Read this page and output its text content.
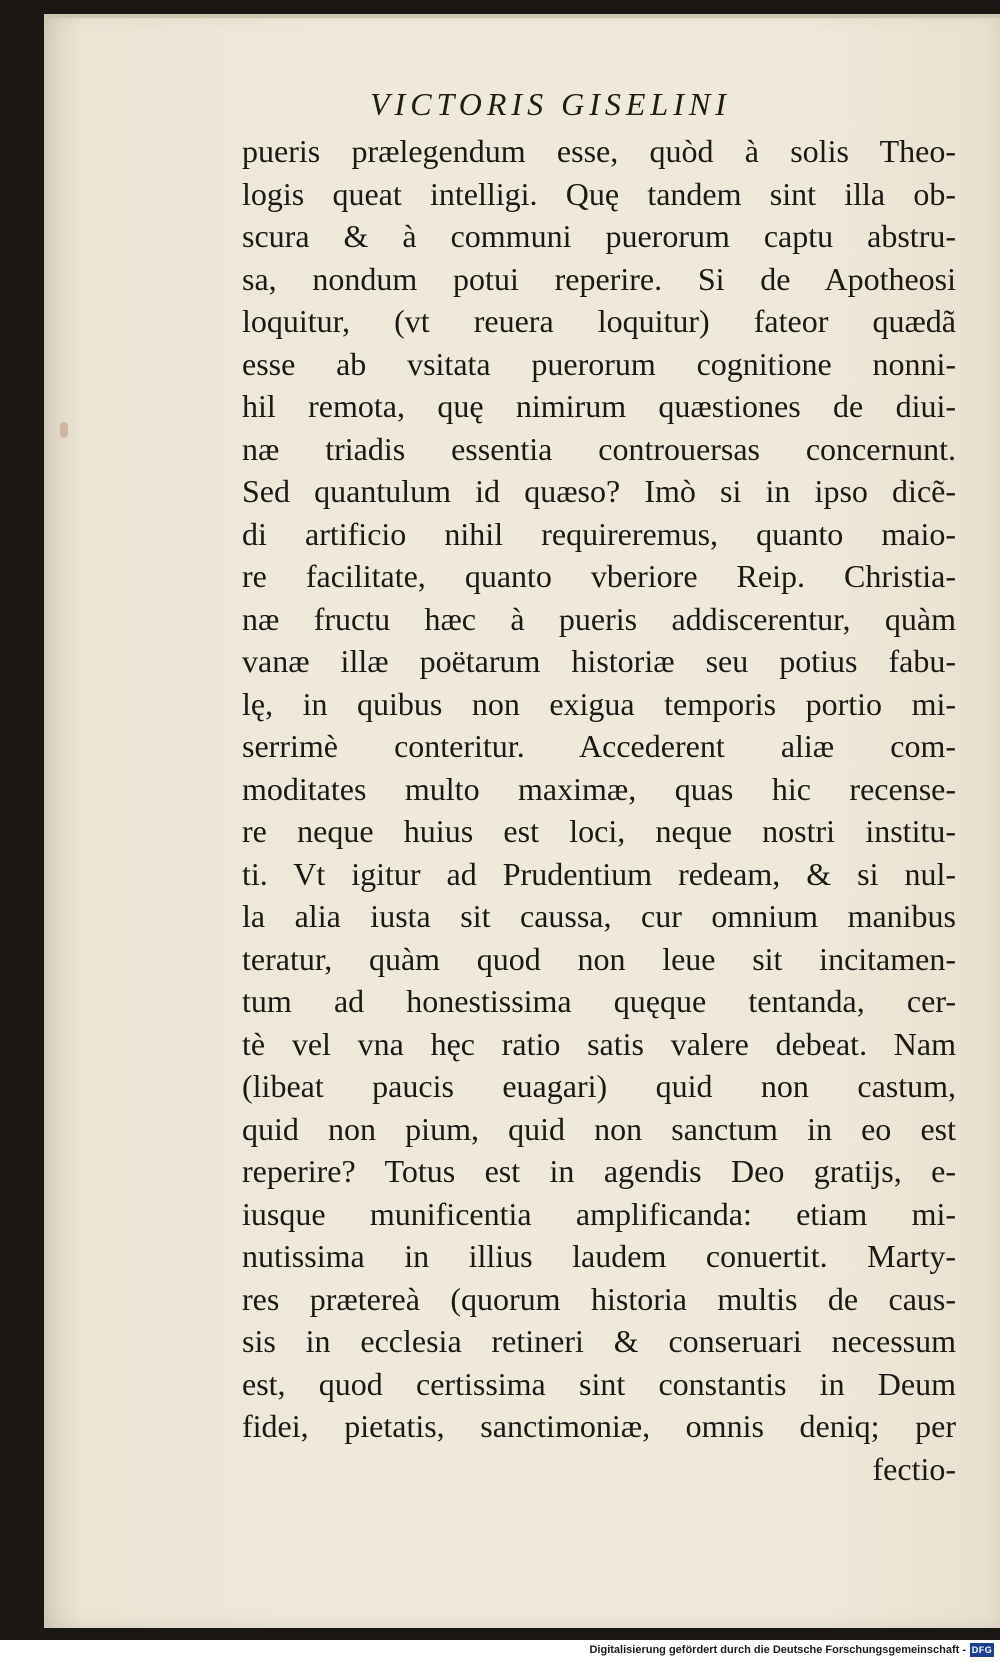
VICTORIS GISELINI
pueris prælegendum esse, quòd à solis Theo-
logis queat intelligi. Quę tandem sint illa ob-
scura & à communi puerorum captu abstru-
sa, nondum potui reperire. Si de Apotheosi
loquitur, (vt reuera loquitur) fateor quædã
esse ab vsitata puerorum cognitione nonni-
hil remota, quę nimirum quæstiones de diui-
næ triadis essentia controuersas concernunt.
Sed quantulum id quæso? Imò si in ipso dicẽ-
di artificio nihil requireremus, quanto maio-
re facilitate, quanto vberiore Reip. Christia-
næ fructu hæc à pueris addiscerentur, quàm
vanæ illæ poëtarum historiæ seu potius fabu-
lę, in quibus non exigua temporis portio mi-
serrimè conteritur. Accederent aliæ com-
moditates multo maximæ, quas hic recense-
re neque huius est loci, neque nostri institu-
ti. Vt igitur ad Prudentium redeam, & si nul-
la alia iusta sit caussa, cur omnium manibus
teratur, quàm quod non leue sit incitamen-
tum ad honestissima quęque tentanda, cer-
tè vel vna hęc ratio satis valere debeat. Nam
(libeat paucis euagari) quid non castum,
quid non pium, quid non sanctum in eo est
reperire? Totus est in agendis Deo gratijs, e-
iusque munificentia amplificanda: etiam mi-
nutissima in illius laudem conuertit. Marty-
res prætereà (quorum historia multis de caus-
sis in ecclesia retineri & conseruari necessum
est, quod certissima sint constantis in Deum
fidei, pietatis, sanctimoniæ, omnis deniq; per
fectio-
Digitalisierung gefördert durch die Deutsche Forschungsgemeinschaft - DFG
